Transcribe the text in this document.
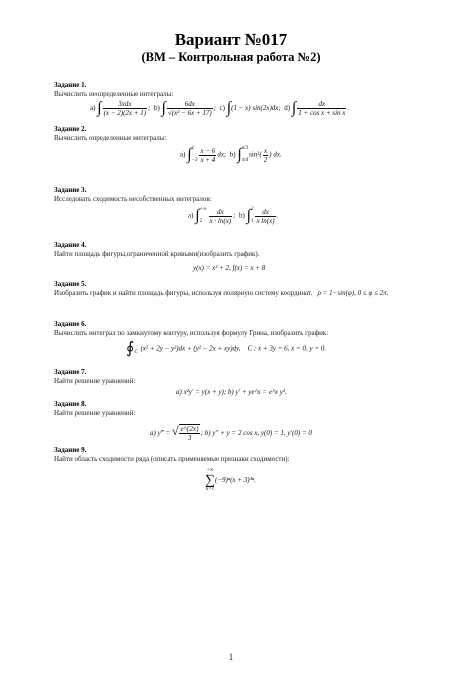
Вариант №017
(ВМ – Контрольная работа №2)
Задание 1.
Вычислить неопределенные интегралы:
a) ∫ $\frac{\text{3xdx}}{(x - 2)(2x + 1)}$ ;  b) ∫ $\frac{6dx}{\text{√(x² − 6x + 17)}}$ ;  c) ∫(1 − x) sin(2x)dx; d) ∫ $\frac{dx}{\text{1 + cos x + sin x}}$ .
Задание 2.
Вычислить определенные интегралы:
a) ∫1

$-3 \frac{x - 6}{x + 4}$ dx; b) ∫π/3

$\pi/4\sin^2( \frac{x}{2}$ ) dx.
Задание 3.
Исследовать сходимость несобственных интегралов:
a) ∫+∞

$2 \frac{dx}{x \cdot \ln(x)}$ ;  b) ∫2

$1 \frac{dx}{\text{x ln(x)}}$ .
Задание 4.
Найти площадь фигуры,ограниченной кривыми(изобразить график).
y(x) = x² + 2, f(x) = x + 8
Задание 5.
Изобразить график и найти площадь фигуры, используя полярную систему координат. ρ = 1−sin(φ), 0 ≤ φ ≤ 2π.
Задание 6.
Вычислить интеграл по замкнутому контуру, используя формулу Грина, изобразить график:
∮C (x² + 2y − y²)dx + (y² − 2x + xy)dy, C : x + 3y = 6, x = 0, y = 0.
Задание 7.
Найти решение уравнений:
a) x²y′ = y(x + y); b) y′ + ye^x = e^x y².
Задание 8.
Найти решение уравнений:
a) y‴ = √ $\frac{e\^{}\{2x\}}{3}$ ; b) y″ + y = 2 cos x, y(0) = 1, y′(0) = 0
Задание 9.
Найти область сходимости ряда (описать применяемые признаки сходимости):
+∞
∑
n=1(−9)ⁿ(x + 3)³ⁿ.
1
